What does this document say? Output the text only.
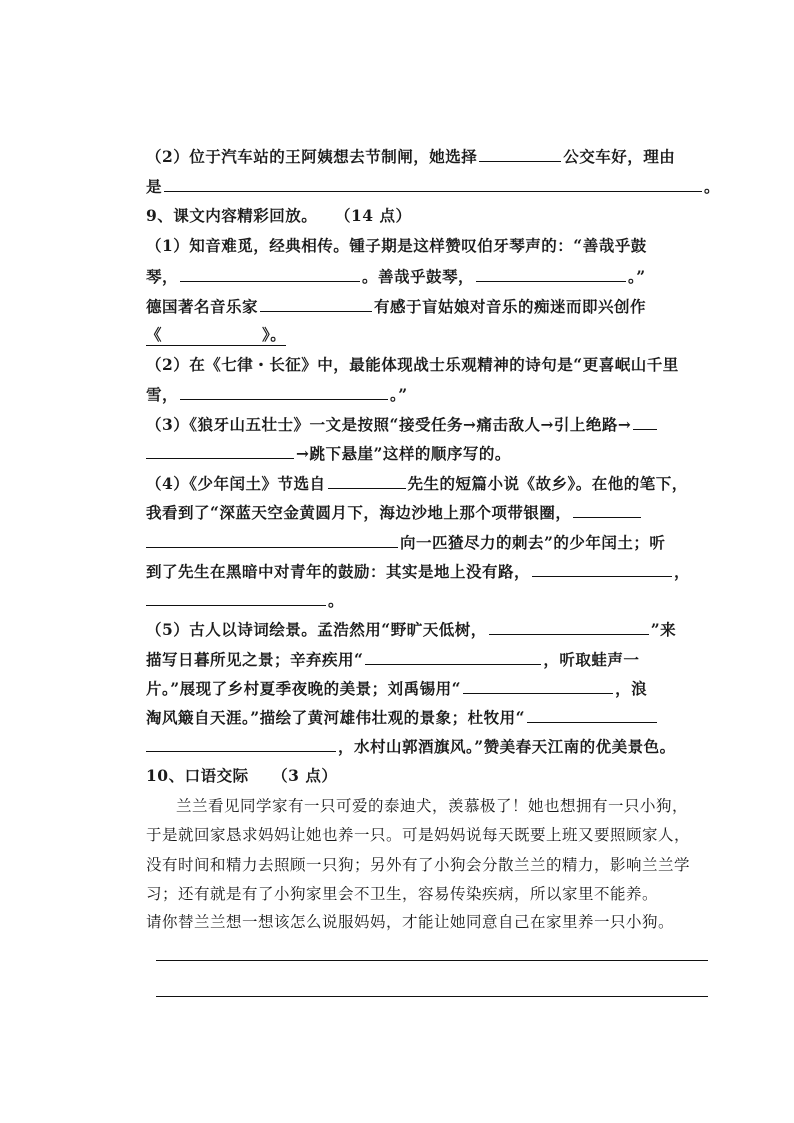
（2）位于汽车站的王阿姨想去节制闸，她选择	公交车好，理由
是	。
9、课文内容精彩回放。 （14 点）
（1）知音难觅，经典相传。锺子期是这样赞叹伯牙琴声的：“善哉乎鼓
琴，	。善哉乎鼓琴，	。”
德国著名音乐家	有感于盲姑娘对音乐的痴迷而即兴创作
《	》。
（2）在《七律・长征》中，最能体现战士乐观精神的诗句是“更喜岷山千里
雪，	。”
（3）《狼牙山五壮士》一文是按照“接受任务→痛击敌人→引上绝路→
→跳下悬崖”这样的顺序写的。
（4）《少年闰土》节选自	先生的短篇小说《故乡》。在他的笔下，
我看到了“深蓝天空金黄圆月下，海边沙地上那个项带银圈，
向一匹猹尽力的刺去”的少年闰土；听
到了先生在黑暗中对青年的鼓励：其实是地上没有路，	，
。
（5）古人以诗词绘景。孟浩然用“野旷天低树，	”来
描写日暮所见之景；辛弃疾用“	，听取蛙声一
片。”展现了乡村夏季夜晚的美景；刘禹锡用“	，浪
淘风簸自天涯。”描绘了黄河雄伟壮观的景象；杜牧用“
，水村山郭酒旗风。”赞美春天江南的优美景色。
10、口语交际 （3 点）
兰兰看见同学家有一只可爱的泰迪犬，羡慕极了！她也想拥有一只小狗，
于是就回家恳求妈妈让她也养一只。可是妈妈说每天既要上班又要照顾家人，
没有时间和精力去照顾一只狗；另外有了小狗会分散兰兰的精力，影响兰兰学
习；还有就是有了小狗家里会不卫生，容易传染疾病，所以家里不能养。
请你替兰兰想一想该怎么说服妈妈，才能让她同意自己在家里养一只小狗。
